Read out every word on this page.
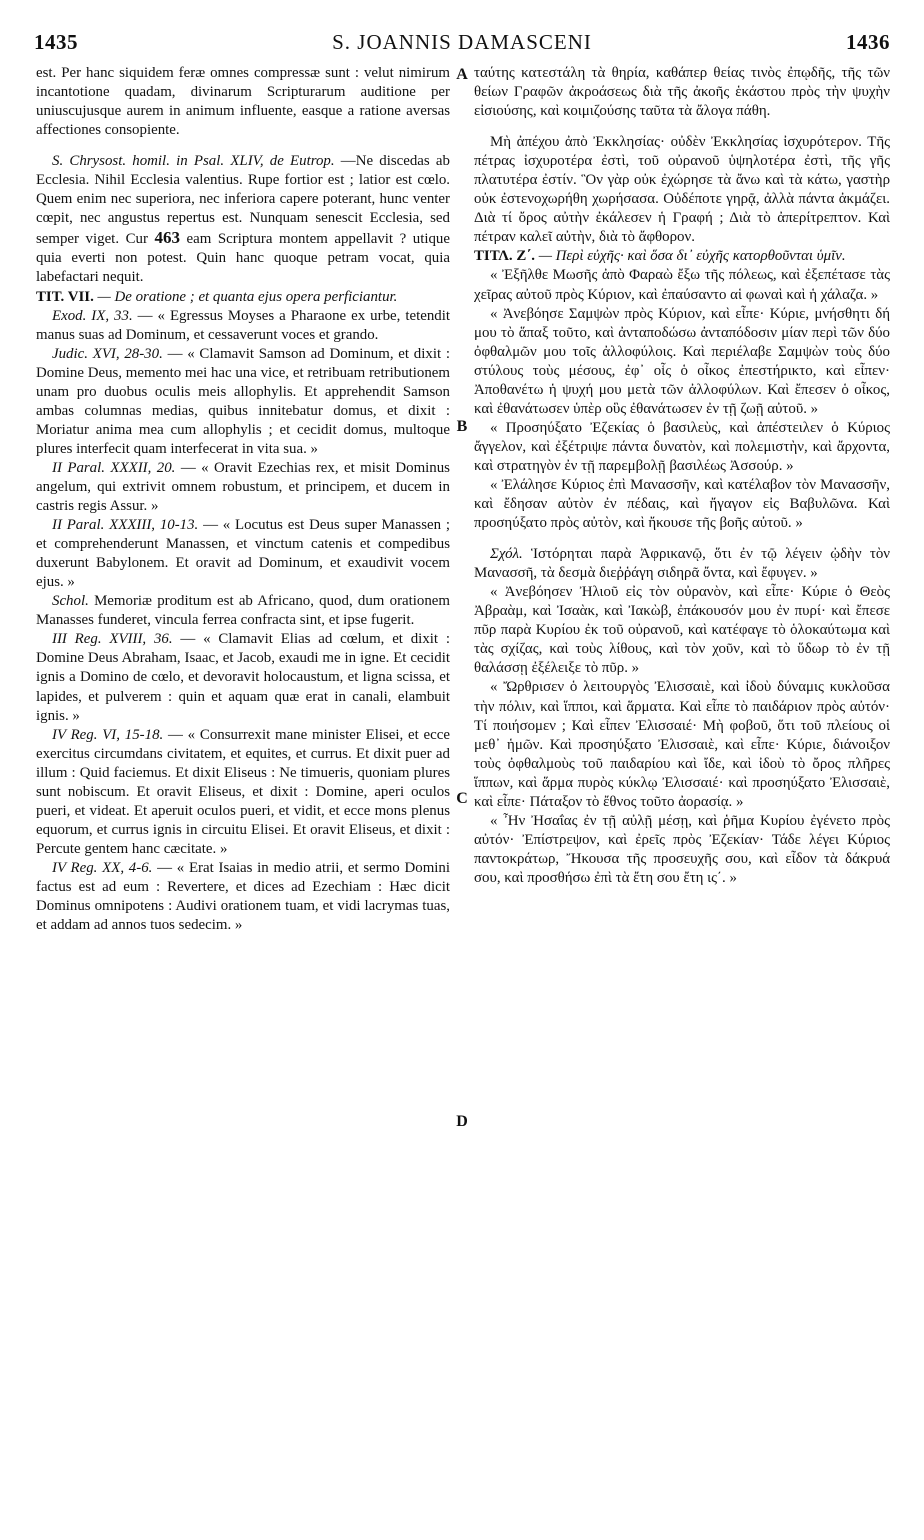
1435	S. JOANNIS DAMASCENI	1436
A
B
C
D

est. Per hanc siquidem feræ omnes compressæ sunt : velut nimirum incantotione quadam, divinarum Scripturarum auditione per uniuscujusque aurem in animum influente, easque a ratione aversas affectiones consopiente.

S. Chrysost. homil. in Psal. XLIV, de Eutrop. —Ne discedas ab Ecclesia. Nihil Ecclesia valentius. Rupe fortior est ; latior est cœlo. Quem enim nec superiora, nec inferiora capere poterant, hunc venter cœpit, nec angustus repertus est. Nunquam senescit Ecclesia, sed semper viget. Cur 463 eam Scriptura montem appellavit ? utique quia everti non potest. Quin hanc quoque petram vocat, quia labefactari nequit.

TIT. VII. — De oratione ; et quanta ejus opera perficiantur.

Exod. IX, 33. — « Egressus Moyses a Pharaone ex urbe, tetendit manus suas ad Dominum, et cessaverunt voces et grando.

Judic. XVI, 28-30. — « Clamavit Samson ad Dominum, et dixit : Domine Deus, memento mei hac una vice, et retribuam retributionem unam pro duobus oculis meis allophylis. Et apprehendit Samson ambas columnas medias, quibus innitebatur domus, et dixit : Moriatur anima mea cum allophylis ; et cecidit domus, multoque plures interfecit quam interfecerat in vita sua. »

II Paral. XXXII, 20. — « Oravit Ezechias rex, et misit Dominus angelum, qui extrivit omnem robustum, et principem, et ducem in castris regis Assur. »

II Paral. XXXIII, 10-13. — « Locutus est Deus super Manassen ; et comprehenderunt Manassen, et vinctum catenis et compedibus duxerunt Babylonem. Et oravit ad Dominum, et exaudivit vocem ejus. »

Schol. Memoriæ proditum est ab Africano, quod, dum orationem Manasses funderet, vincula ferrea confracta sint, et ipse fugerit.

III Reg. XVIII, 36. — « Clamavit Elias ad cœlum, et dixit : Domine Deus Abraham, Isaac, et Jacob, exaudi me in igne. Et cecidit ignis a Domino de cœlo, et devoravit holocaustum, et ligna scissa, et lapides, et pulverem : quin et aquam quæ erat in canali, elambuit ignis. »

IV Reg. VI, 15-18. — « Consurrexit mane minister Elisei, et ecce exercitus circumdans civitatem, et equites, et currus. Et dixit puer ad illum : Quid faciemus. Et dixit Eliseus : Ne timueris, quoniam plures sunt nobiscum. Et oravit Eliseus, et dixit : Domine, aperi oculos pueri, et videat. Et aperuit oculos pueri, et vidit, et ecce mons plenus equorum, et currus ignis in circuitu Elisei. Et oravit Eliseus, et dixit : Percute gentem hanc cæcitate. »

IV Reg. XX, 4-6. — « Erat Isaias in medio atrii, et sermo Domini factus est ad eum : Revertere, et dices ad Ezechiam : Hæc dicit Dominus omnipotens : Audivi orationem tuam, et vidi lacrymas tuas, et addam ad annos tuos sedecim. »

ταύτης κατεστάλη τὰ θηρία, καθάπερ θείας τινὸς ἐπῳδῆς, τῆς τῶν θείων Γραφῶν ἀκροάσεως διὰ τῆς ἀκοῆς ἑκάστου πρὸς τὴν ψυχὴν εἰσιούσης, καὶ κοιμιζούσης ταῦτα τὰ ἄλογα πάθη.

Μὴ ἀπέχου ἀπὸ Ἐκκλησίας· οὐδὲν Ἐκκλησίας ἰσχυρότερον. Τῆς πέτρας ἰσχυροτέρα ἐστὶ, τοῦ οὐρανοῦ ὑψηλοτέρα ἐστὶ, τῆς γῆς πλατυτέρα ἐστίν. Ὃν γὰρ οὐκ ἐχώρησε τὰ ἄνω καὶ τὰ κάτω, γαστὴρ οὐκ ἐστενοχωρήθη χωρήσασα. Οὐδέποτε γηρᾷ, ἀλλὰ πάντα ἀκμάζει. Διὰ τί ὄρος αὐτὴν ἐκάλεσεν ἡ Γραφή ; Διὰ τὸ ἀπερίτρεπτον. Καὶ πέτραν καλεῖ αὐτὴν, διὰ τὸ ἄφθορον.

ΤΙΤΛ. Ζ΄. — Περὶ εὐχῆς· καὶ ὅσα δι᾽ εὐχῆς κατορθοῦνται ὑμῖν.

« Ἐξῆλθε Μωσῆς ἀπὸ Φαραὼ ἔξω τῆς πόλεως, καὶ ἐξεπέτασε τὰς χεῖρας αὐτοῦ πρὸς Κύριον, καὶ ἐπαύσαντο αἱ φωναὶ καὶ ἡ χάλαζα. »

« Ἀνεβόησε Σαμψὼν πρὸς Κύριον, καὶ εἶπε· Κύριε, μνήσθητι δή μου τὸ ἅπαξ τοῦτο, καὶ ἀνταποδώσω ἀνταπόδοσιν μίαν περὶ τῶν δύο ὀφθαλμῶν μου τοῖς ἀλλοφύλοις. Καὶ περιέλαβε Σαμψὼν τοὺς δύο στύλους τοὺς μέσους, ἐφ᾽ οἷς ὁ οἶκος ἐπεστήρικτο, καὶ εἶπεν· Ἀποθανέτω ἡ ψυχή μου μετὰ τῶν ἀλλοφύλων. Καὶ ἔπεσεν ὁ οἶκος, καὶ ἐθανάτωσεν ὑπὲρ οὓς ἐθανάτωσεν ἐν τῇ ζωῇ αὐτοῦ. »

« Προσηύξατο Ἐζεκίας ὁ βασιλεὺς, καὶ ἀπέστειλεν ὁ Κύριος ἄγγελον, καὶ ἐξέτριψε πάντα δυνατὸν, καὶ πολεμιστὴν, καὶ ἄρχοντα, καὶ στρατηγὸν ἐν τῇ παρεμβολῇ βασιλέως Ἀσσούρ. »

« Ἐλάλησε Κύριος ἐπὶ Μανασσῆν, καὶ κατέλαβον τὸν Μανασσῆν, καὶ ἔδησαν αὐτὸν ἐν πέδαις, καὶ ἤγαγον εἰς Βαβυλῶνα. Καὶ προσηύξατο πρὸς αὐτὸν, καὶ ἤκουσε τῆς βοῆς αὐτοῦ. »

Σχόλ. Ἱστόρηται παρὰ Ἀφρικανῷ, ὅτι ἐν τῷ λέγειν ᾠδὴν τὸν Μανασσῆ, τὰ δεσμὰ διεῤῥάγη σιδηρᾶ ὄντα, καὶ ἔφυγεν. »

« Ἀνεβόησεν Ἠλιοῦ εἰς τὸν οὐρανὸν, καὶ εἶπε· Κύριε ὁ Θεὸς Ἀβραὰμ, καὶ Ἰσαὰκ, καὶ Ἰακὼβ, ἐπάκουσόν μου ἐν πυρί· καὶ ἔπεσε πῦρ παρὰ Κυρίου ἐκ τοῦ οὐρανοῦ, καὶ κατέφαγε τὸ ὁλοκαύτωμα καὶ τὰς σχίζας, καὶ τοὺς λίθους, καὶ τὸν χοῦν, καὶ τὸ ὕδωρ τὸ ἐν τῇ θαλάσσῃ ἐξέλειξε τὸ πῦρ. »

« Ὤρθρισεν ὁ λειτουργὸς Ἐλισσαιὲ, καὶ ἰδοὺ δύναμις κυκλοῦσα τὴν πόλιν, καὶ ἵπποι, καὶ ἅρματα. Καὶ εἶπε τὸ παιδάριον πρὸς αὐτόν· Τί ποιήσομεν ; Καὶ εἶπεν Ἐλισσαιέ· Μὴ φοβοῦ, ὅτι τοῦ πλείους οἱ μεθ᾽ ἡμῶν. Καὶ προσηύξατο Ἐλισσαιὲ, καὶ εἶπε· Κύριε, διάνοιξον τοὺς ὀφθαλμοὺς τοῦ παιδαρίου καὶ ἴδε, καὶ ἰδοὺ τὸ ὄρος πλῆρες ἵππων, καὶ ἅρμα πυρὸς κύκλῳ Ἐλισσαιέ· καὶ προσηύξατο Ἐλισσαιὲ, καὶ εἶπε· Πάταξον τὸ ἔθνος τοῦτο ἀορασίᾳ. »

« Ἦν Ἠσαΐας ἐν τῇ αὐλῇ μέσῃ, καὶ ῥῆμα Κυρίου ἐγένετο πρὸς αὐτόν· Ἐπίστρεψον, καὶ ἐρεῖς πρὸς Ἐζεκίαν· Τάδε λέγει Κύριος παντοκράτωρ, Ἤκουσα τῆς προσευχῆς σου, καὶ εἶδον τὰ δάκρυά σου, καὶ προσθήσω ἐπὶ τὰ ἔτη σου ἔτη ις΄. »
